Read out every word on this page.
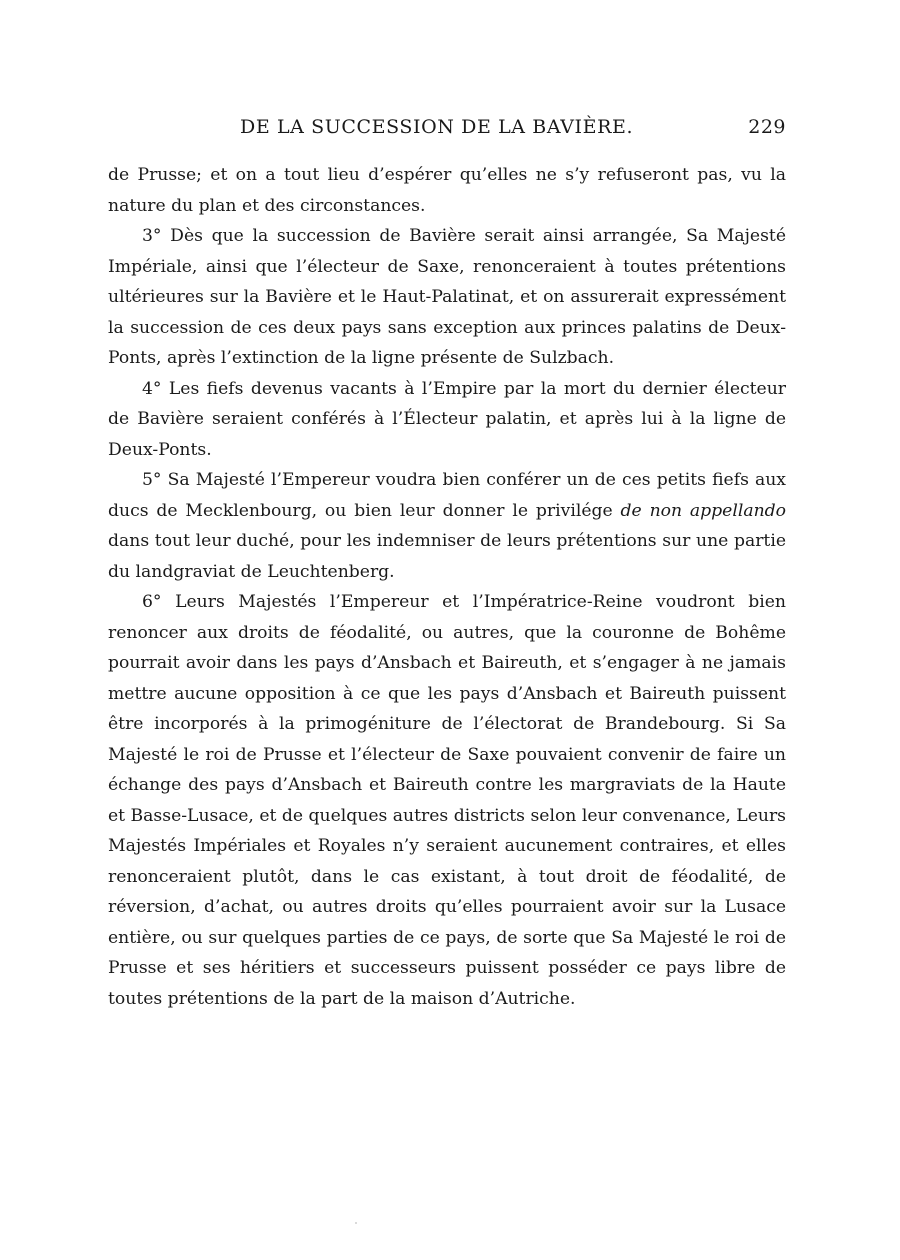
DE LA SUCCESSION DE LA BAVIÈRE.	229

de Prusse; et on a tout lieu d’espérer qu’elles ne s’y refuseront pas, vu la nature du plan et des circonstances.

3° Dès que la succession de Bavière serait ainsi arrangée, Sa Majesté Impériale, ainsi que l’électeur de Saxe, renonceraient à toutes prétentions ultérieures sur la Bavière et le Haut-Palatinat, et on assurerait expressément la succession de ces deux pays sans exception aux princes palatins de Deux-Ponts, après l’extinction de la ligne présente de Sulzbach.

4° Les fiefs devenus vacants à l’Empire par la mort du dernier électeur de Bavière seraient conférés à l’Électeur palatin, et après lui à la ligne de Deux-Ponts.

5° Sa Majesté l’Empereur voudra bien conférer un de ces petits fiefs aux ducs de Mecklenbourg, ou bien leur donner le privilége de non appellando dans tout leur duché, pour les indemniser de leurs prétentions sur une partie du landgraviat de Leuchtenberg.

6° Leurs Majestés l’Empereur et l’Impératrice-Reine voudront bien renoncer aux droits de féodalité, ou autres, que la couronne de Bohême pourrait avoir dans les pays d’Ansbach et Baireuth, et s’engager à ne jamais mettre aucune opposition à ce que les pays d’Ansbach et Baireuth puissent être incorporés à la primogéniture de l’électorat de Brandebourg. Si Sa Majesté le roi de Prusse et l’électeur de Saxe pouvaient convenir de faire un échange des pays d’Ansbach et Baireuth contre les margraviats de la Haute et Basse-Lusace, et de quelques autres districts selon leur convenance, Leurs Majestés Impériales et Royales n’y seraient aucunement contraires, et elles renonceraient plutôt, dans le cas existant, à tout droit de féodalité, de réversion, d’achat, ou autres droits qu’elles pourraient avoir sur la Lusace entière, ou sur quelques parties de ce pays, de sorte que Sa Majesté le roi de Prusse et ses héritiers et successeurs puissent posséder ce pays libre de toutes prétentions de la part de la maison d’Autriche.
